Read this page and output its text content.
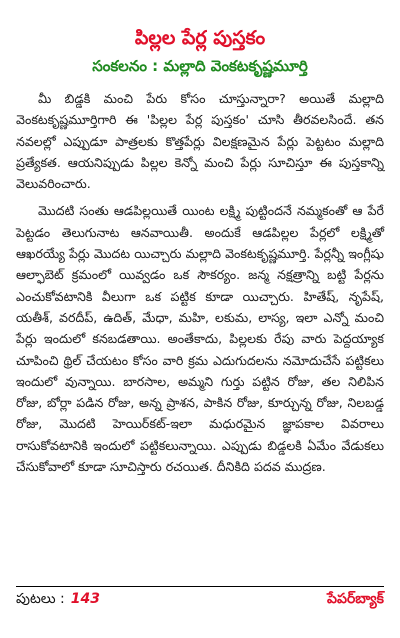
పిల్లల పేర్ల పుస్తకం
సంకలనం : మల్లాది వెంకటకృష్ణమూర్తి

మీ బిడ్డకి మంచి పేరు కోసం చూస్తున్నారా? అయితే మల్లాది వెంకటకృష్ణమూర్తిగారి ఈ 'పిల్లల పేర్ల పుస్తకం' చూసి తీరవలసిందే. తన నవలల్లో ఎప్పుడూ పాత్రలకు కొత్తపేర్లు విలక్షణమైన పేర్లు పెట్టటం మల్లాది ప్రత్యేకత. ఆయనిప్పుడు పిల్లల కెన్నో మంచి పేర్లు సూచిస్తూ ఈ పుస్తకాన్ని వెలువరించారు.

మొదటి సంతు ఆడపిల్లయితే యింట లక్ష్మి పుట్టిందనే నమ్మకంతో ఆ పేరే పెట్టడం తెలుగునాట ఆనవాయితీ. అందుకే ఆడపిల్లల పేర్లలో లక్ష్మితో ఆఖరయ్యే పేర్లు మొదట యిచ్చారు మల్లాది వెంకటకృష్ణమూర్తి. పేర్లన్నీ ఇంగ్లీషు ఆల్ఫాబెట్ క్రమంలో యివ్వడం ఒక సౌకర్యం. జన్మ నక్షత్రాన్ని బట్టి పేర్లను ఎంచుకోవటానికి వీలుగా ఒక పట్టిక కూడా యిచ్చారు. హితేష్, నృపేష్, యతీశ్, వరదీప్, ఉదిత్, మేధా, మహి, లకుమ, లాస్య, ఇలా ఎన్నో మంచి పేర్లు ఇందులో కనబడతాయి. అంతేకాదు, పిల్లలకు రేపు వారు పెద్దయ్యాక చూపించి థ్రిల్ చేయటం కోసం వారి క్రమ ఎదుగుదలను నమోదుచేసే పట్టికలు ఇందులో వున్నాయి. బారసాల, అమ్మని గుర్తు పట్టిన రోజు, తల నిలిపిన రోజు, బోర్లా పడిన రోజు, అన్న ప్రాశన, పాకిన రోజు, కూర్చున్న రోజు, నిలబడ్డ రోజు, మొదటి హెయిర్‌కట్-ఇలా మధురమైన జ్ఞాపకాల వివరాలు రాసుకోవటానికి ఇందులో పట్టికలున్నాయి. ఎప్పుడు బిడ్డలకి ఏమేం వేడుకలు చేసుకోవాలో కూడా సూచిస్తారు రచయిత. దీనికిది పదవ ముద్రణ.

పుటలు : 143	పేపర్‌బ్యాక్
